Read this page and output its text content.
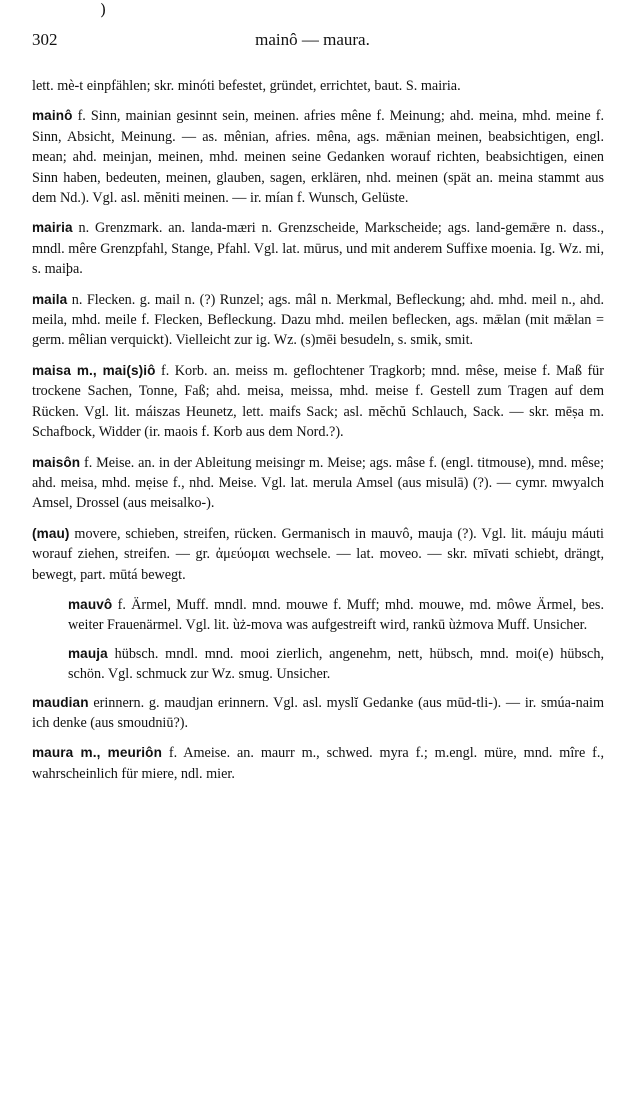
)
302	mainô — maura.
lett. mè-t einpfählen; skr. minóti befestet, gründet, errichtet, baut. S. mairia.
mainô f. Sinn, mainian gesinnt sein, meinen. afries mêne f. Meinung; ahd. meina, mhd. meine f. Sinn, Absicht, Meinung. — as. mênian, afries. mêna, ags. mǣnian meinen, beabsichtigen, engl. mean; ahd. meinjan, meinen, mhd. meinen seine Gedanken worauf richten, beabsichtigen, einen Sinn haben, bedeuten, meinen, glauben, sagen, erklären, nhd. meinen (spät an. meina stammt aus dem Nd.). Vgl. asl. mĕniti meinen. — ir. mían f. Wunsch, Gelüste.
mairia n. Grenzmark. an. landa-mæri n. Grenzscheide, Markscheide; ags. land-gemǣre n. dass., mndl. mêre Grenzpfahl, Stange, Pfahl. Vgl. lat. mūrus, und mit anderem Suffixe moenia. Ig. Wz. mi, s. maiþa.
maila n. Flecken. g. mail n. (?) Runzel; ags. mâl n. Merkmal, Befleckung; ahd. mhd. meil n., ahd. meila, mhd. meile f. Flecken, Befleckung. Dazu mhd. meilen beflecken, ags. mǣlan (mit mǣlan = germ. mêlian verquickt). Vielleicht zur ig. Wz. (s)mēi besudeln, s. smik, smit.
maisa m., mai(s)iô f. Korb. an. meiss m. geflochtener Tragkorb; mnd. mêse, meise f. Maß für trockene Sachen, Tonne, Faß; ahd. meisa, meissa, mhd. meise f. Gestell zum Tragen auf dem Rücken. Vgl. lit. máiszas Heunetz, lett. maifs Sack; asl. mĕchŭ Schlauch, Sack. — skr. mēṣa m. Schafbock, Widder (ir. maois f. Korb aus dem Nord.?).
maisôn f. Meise. an. in der Ableitung meisingr m. Meise; ags. mâse f. (engl. titmouse), mnd. mêse; ahd. meisa, mhd. mẹise f., nhd. Meise. Vgl. lat. merula Amsel (aus misulā) (?). — cymr. mwyalch Amsel, Drossel (aus meisalko-).
(mau) movere, schieben, streifen, rücken. Germanisch in mauvô, mauja (?). Vgl. lit. máuju máuti worauf ziehen, streifen. — gr. ἀμεύομαι wechsele. — lat. moveo. — skr. mīvati schiebt, drängt, bewegt, part. mūtá bewegt.
mauvô f. Ärmel, Muff. mndl. mnd. mouwe f. Muff; mhd. mouwe, md. môwe Ärmel, bes. weiter Frauenärmel. Vgl. lit. ùż-mova was aufgestreift wird, rankū ùżmova Muff. Unsicher.
mauja hübsch. mndl. mnd. mooi zierlich, angenehm, nett, hübsch, mnd. moi(e) hübsch, schön. Vgl. schmuck zur Wz. smug. Unsicher.
maudian erinnern. g. maudjan erinnern. Vgl. asl. myslĭ Gedanke (aus mūd-tli-). — ir. smúa-naim ich denke (aus smoudniū?).
maura m., meuriôn f. Ameise. an. maurr m., schwed. myra f.; m.engl. müre, mnd. mîre f., wahrscheinlich für miere, ndl. mier.
